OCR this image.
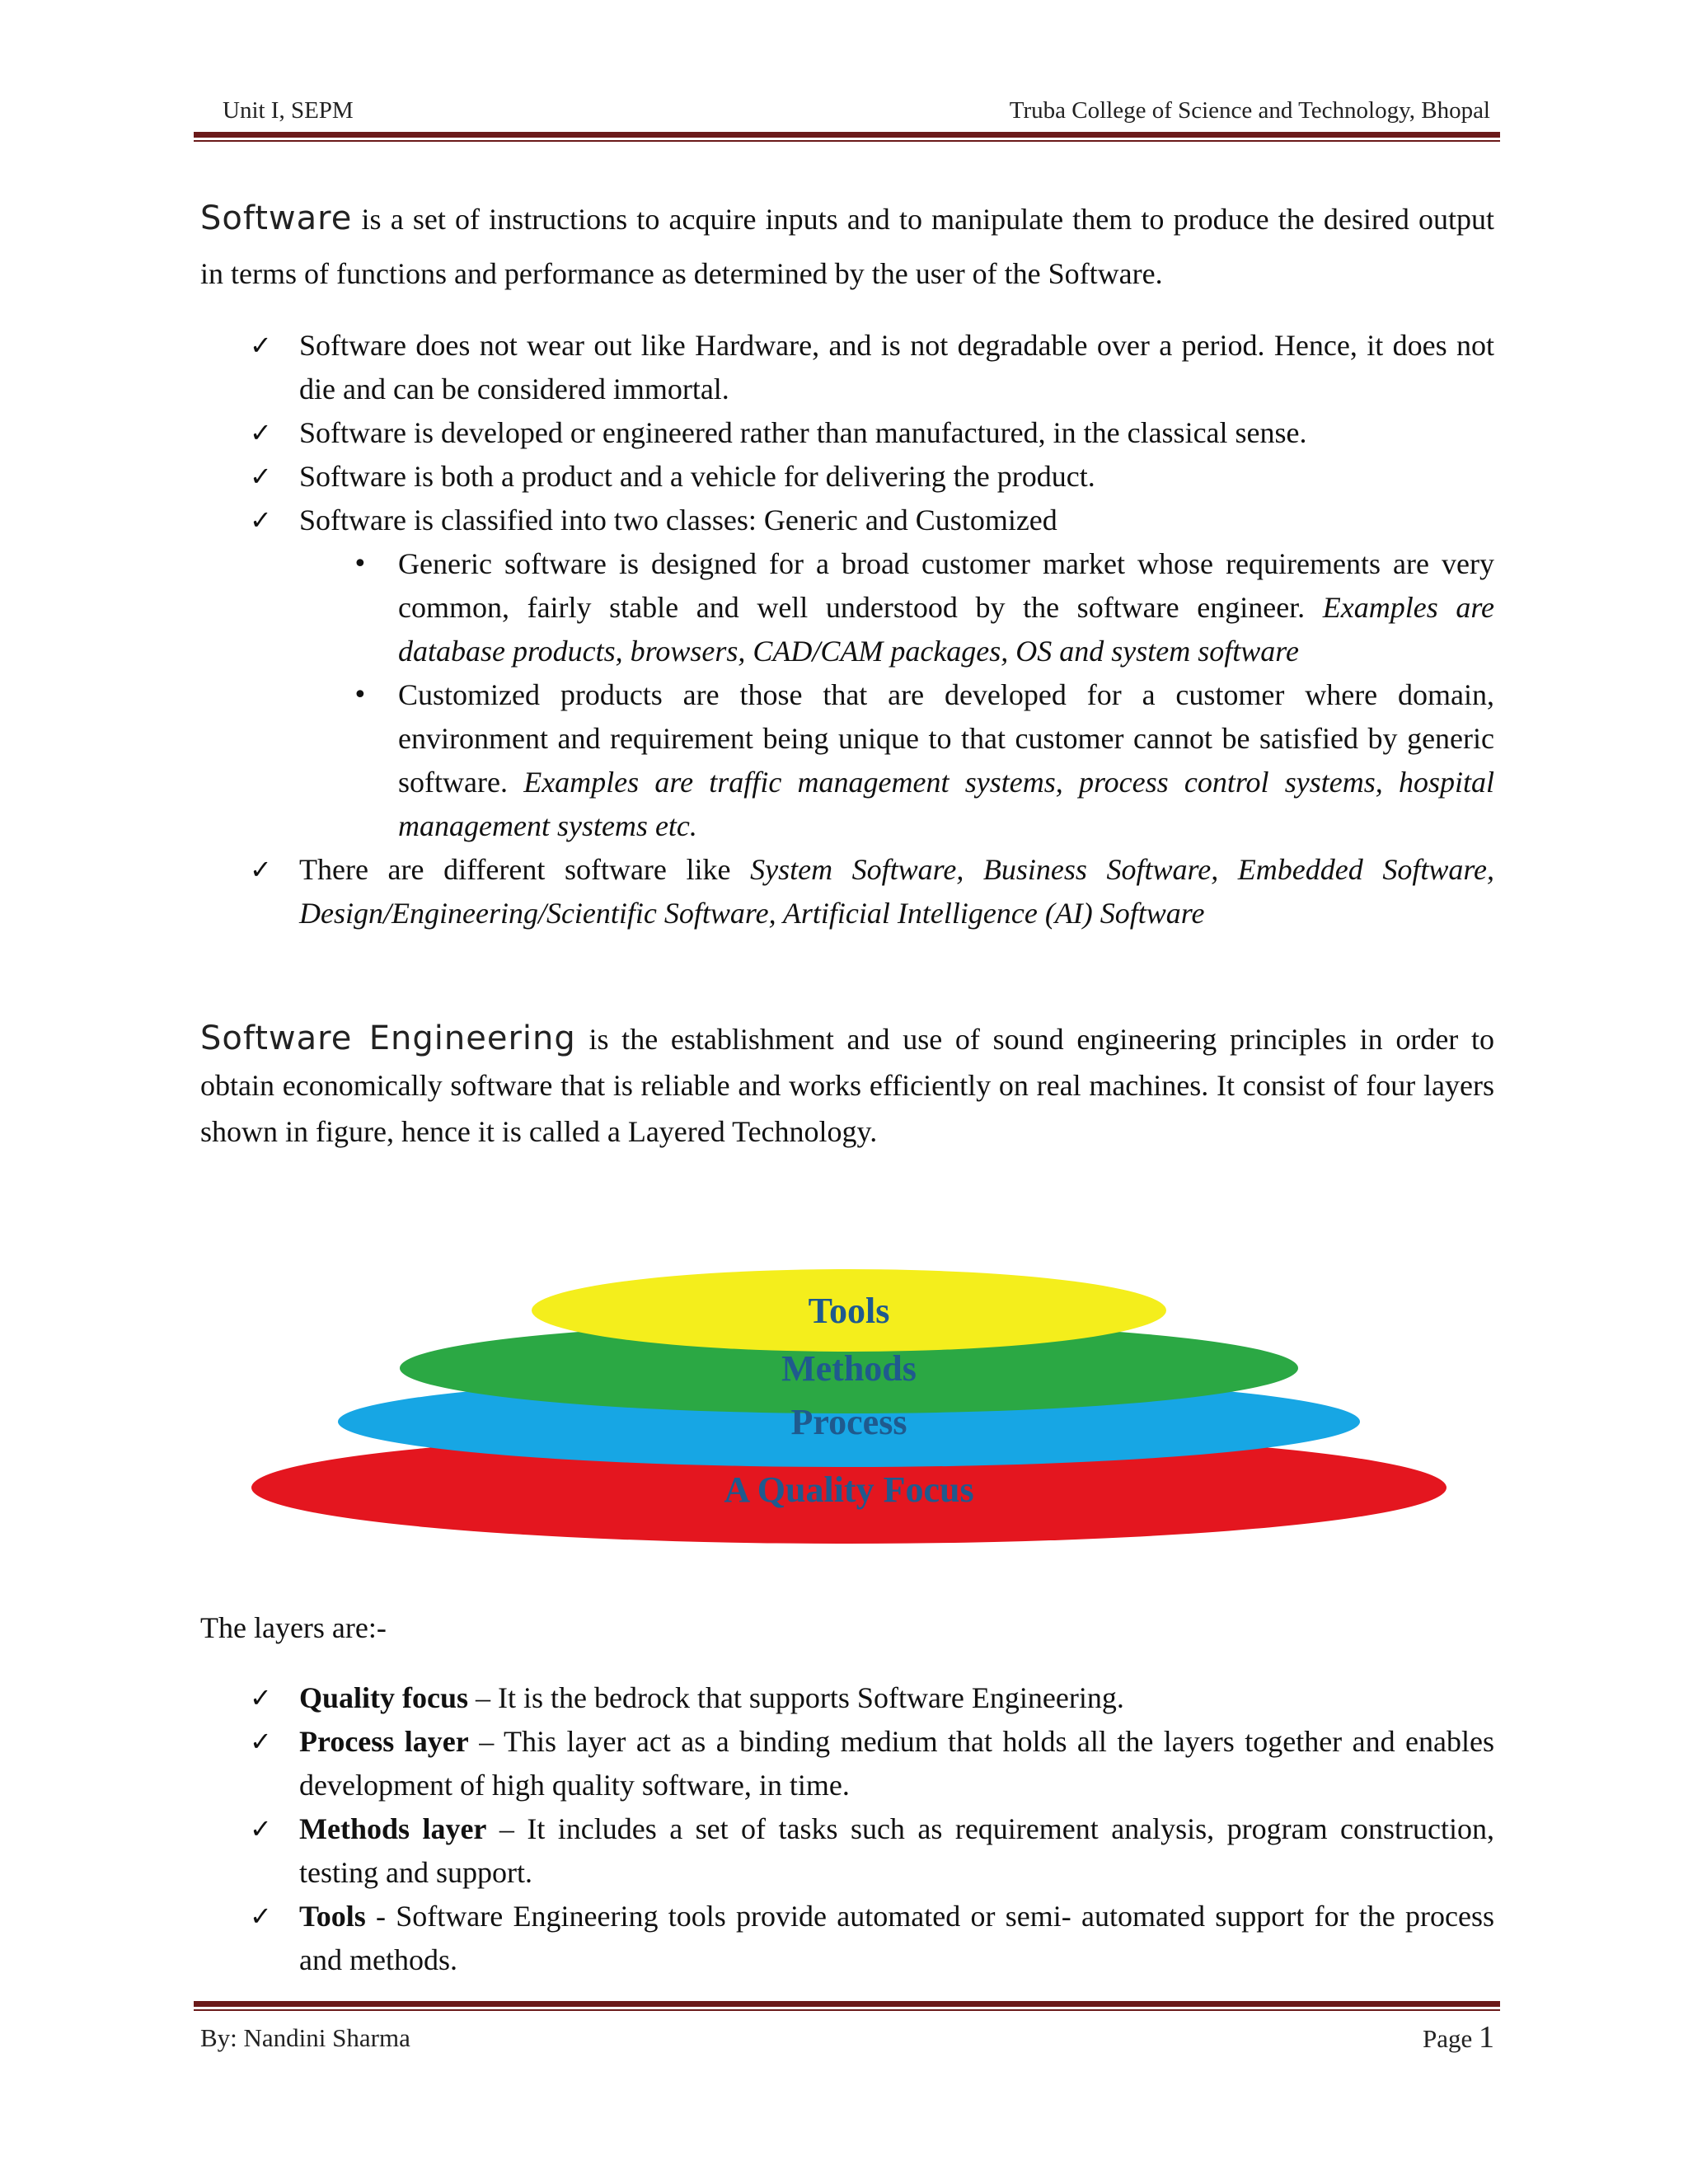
Unit I, SEPM	Truba College of Science and Technology, Bhopal

Software is a set of instructions to acquire inputs and to manipulate them to produce the desired output in terms of functions and performance as determined by the user of the Software.

✓ Software does not wear out like Hardware, and is not degradable over a period. Hence, it does not die and can be considered immortal.
✓ Software is developed or engineered rather than manufactured, in the classical sense.
✓ Software is both a product and a vehicle for delivering the product.
✓ Software is classified into two classes: Generic and Customized
• Generic software is designed for a broad customer market whose requirements are very common, fairly stable and well understood by the software engineer. Examples are database products, browsers, CAD/CAM packages, OS and system software
• Customized products are those that are developed for a customer where domain, environment and requirement being unique to that customer cannot be satisfied by generic software. Examples are traffic management systems, process control systems, hospital management systems etc.
✓ There are different software like System Software, Business Software, Embedded Software, Design/Engineering/Scientific Software, Artificial Intelligence (AI) Software

Software Engineering is the establishment and use of sound engineering principles in order to obtain economically software that is reliable and works efficiently on real machines. It consist of four layers shown in figure, hence it is called a Layered Technology.

Tools
Methods
Process
A Quality Focus

The layers are:-

✓ Quality focus – It is the bedrock that supports Software Engineering.
✓ Process layer – This layer act as a binding medium that holds all the layers together and enables development of high quality software, in time.
✓ Methods layer – It includes a set of tasks such as requirement analysis, program construction, testing and support.
✓ Tools - Software Engineering tools provide automated or semi- automated support for the process and methods.
By: Nandini Sharma	Page 1
